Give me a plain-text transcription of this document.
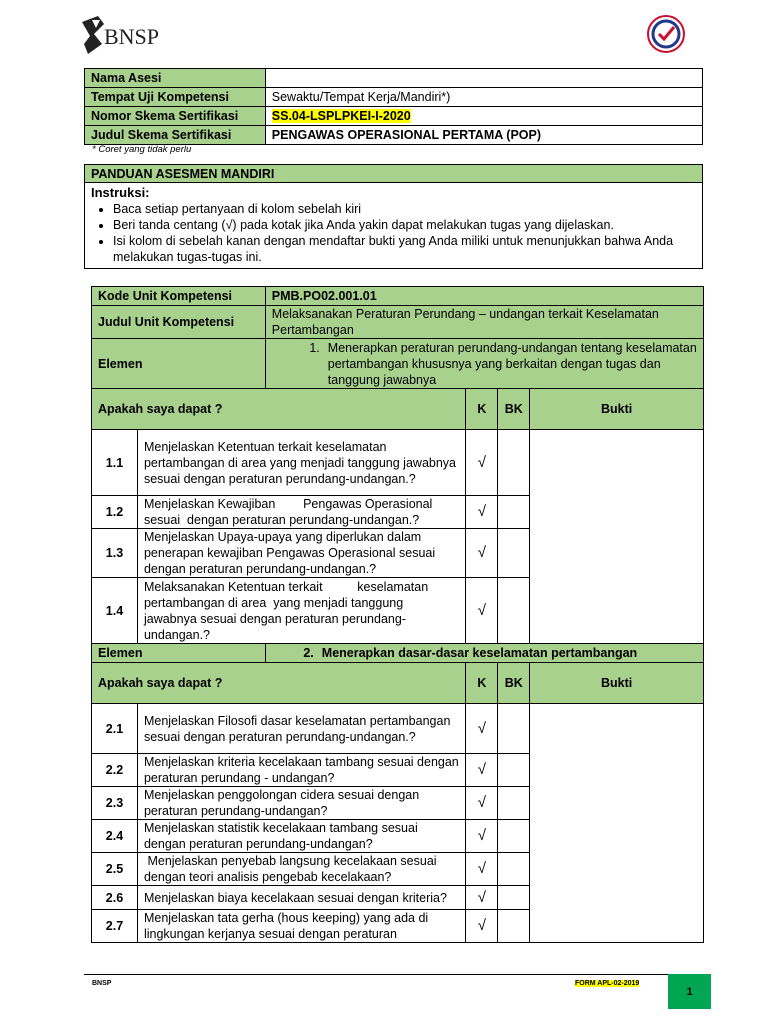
BNSP
Nama Asesi	
Tempat Uji Kompetensi	Sewaktu/Tempat Kerja/Mandiri*)
Nomor Skema Sertifikasi	SS.04-LSPLPKEI-I-2020
Judul Skema Sertifikasi	PENGAWAS OPERASIONAL PERTAMA (POP)
* Coret yang tidak perlu
PANDUAN ASESMEN MANDIRI

Instruksi:
• Baca setiap pertanyaan di kolom sebelah kiri
• Beri tanda centang (√) pada kotak jika Anda yakin dapat melakukan tugas yang dijelaskan.
• Isi kolom di sebelah kanan dengan mendaftar bukti yang Anda miliki untuk menunjukkan bahwa Anda melakukan tugas-tugas ini.
Kode Unit Kompetensi		PMB.PO02.001.01			
Judul Unit Kompetensi		Melaksanakan Peraturan Perundang – undangan terkait Keselamatan Pertambangan			
Elemen		1. Menerapkan peraturan perundang-undangan tentang keselamatan pertambangan khususnya yang berkaitan dengan tugas dan tanggung jawabnya			

Apakah saya dapat ?			K	BK	Bukti
1.1	Menjelaskan Ketentuan terkait keselamatan pertambangan di area yang menjadi tanggung jawabnya sesuai dengan peraturan perundang-undangan.?		√		
1.2	Menjelaskan Kewajiban        Pengawas Operasional sesuai  dengan peraturan perundang-undangan.?		√		
1.3	Menjelaskan Upaya-upaya yang diperlukan dalam penerapan kewajiban Pengawas Operasional sesuai dengan peraturan perundang-undangan.?		√		
1.4	Melaksanakan Ketentuan terkait          keselamatan pertambangan di area  yang menjadi tanggung jawabnya sesuai dengan peraturan perundang-undangan.?		√		
Elemen		2. Menerapkan dasar-dasar keselamatan pertambangan			

Apakah saya dapat ?			K	BK	Bukti
2.1	Menjelaskan Filosofi dasar keselamatan pertambangan sesuai dengan peraturan perundang-undangan.?		√		
2.2	Menjelaskan kriteria kecelakaan tambang sesuai dengan peraturan perundang - undangan?		√		
2.3	Menjelaskan penggolongan cidera sesuai dengan peraturan perundang-undangan?		√		
2.4	Menjelaskan statistik kecelakaan tambang sesuai dengan peraturan perundang-undangan?		√		
2.5	Menjelaskan penyebab langsung kecelakaan sesuai dengan teori analisis pengebab kecelakaan?		√		
2.6	Menjelaskan biaya kecelakaan sesuai dengan kriteria?		√		
2.7	Menjelaskan tata gerha (hous keeping) yang ada di lingkungan kerjanya sesuai dengan peraturan		√		
BNSP	FORM APL-02-2019
1
